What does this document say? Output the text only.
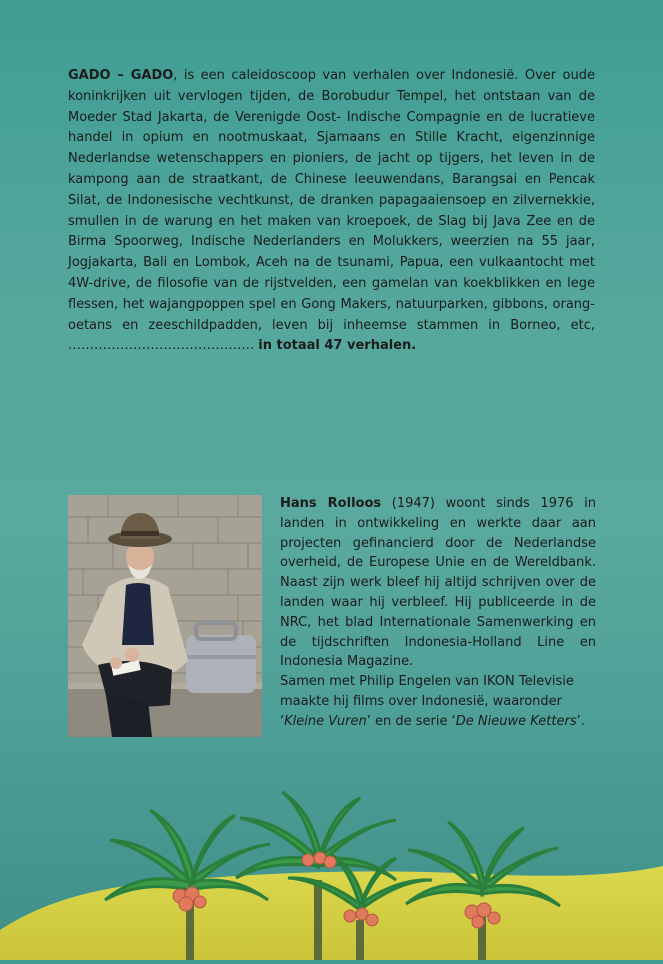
GADO – GADO, is een caleidoscoop van verhalen over Indonesië. Over oude koninkrijken uit vervlogen tijden, de Borobudur Tempel, het ontstaan van de Moeder Stad Jakarta, de Verenigde Oost- Indische Compagnie en de lucratieve handel in opium en nootmuskaat, Sjamaans en Stille Kracht, eigenzinnige Nederlandse wetenschappers en pioniers, de jacht op tijgers, het leven in de kampong aan de straatkant, de Chinese leeuwendans, Barangsai en Pencak Silat, de Indonesische vechtkunst, de dranken papagaaiensoep en zilvernekkie, smullen in de warung en het maken van kroepoek, de Slag bij Java Zee en de Birma Spoorweg, Indische Nederlanders en Molukkers, weerzien na 55 jaar, Jogjakarta, Bali en Lombok, Aceh na de tsunami, Papua, een vulkaantocht met 4W-drive, de filosofie van de rijstvelden, een gamelan van koekblikken en lege flessen, het wajangpoppen spel en Gong Makers, natuurparken, gibbons, orang-oetans en zeeschildpadden, leven bij inheemse stammen in Borneo, etc, ……………………………………. in totaal 47 verhalen.

Hans Rolloos (1947) woont sinds 1976 in landen in ontwikkeling en werkte daar aan projecten gefinancierd door de Nederlandse overheid, de Europese Unie en de Wereldbank. Naast zijn werk bleef hij altijd schrijven over de landen waar hij verbleef. Hij publiceerde in de NRC, het blad Internationale Samenwerking en de tijdschriften Indonesia-Holland Line en Indonesia Magazine.

Samen met Philip Engelen van IKON Televisie maakte hij films over Indonesië, waaronder ‘Kleine Vuren’ en de serie ‘De Nieuwe Ketters’.
